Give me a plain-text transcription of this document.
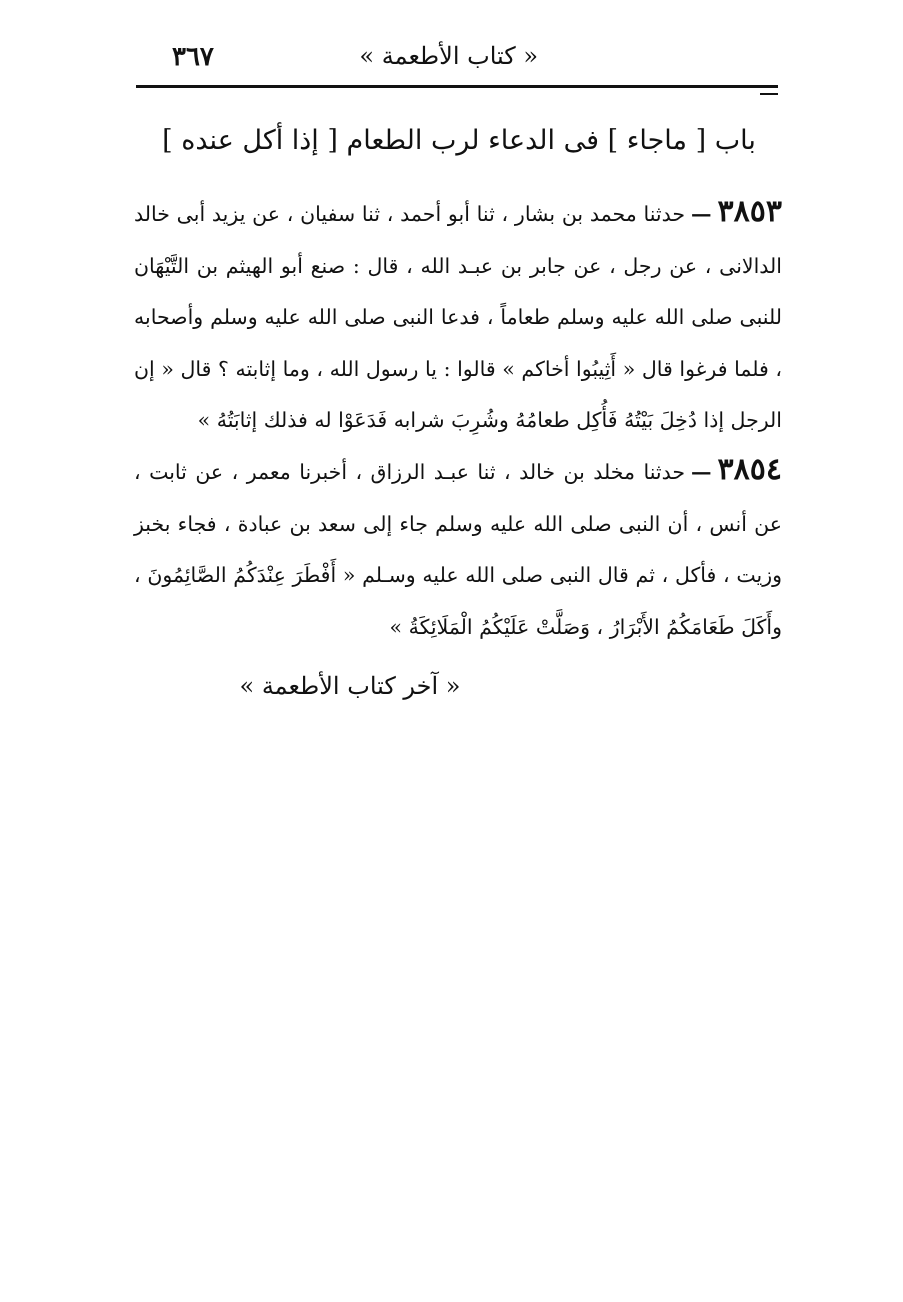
٣٦٧	« كتاب الأطعمة »
باب [ ماجاء ] فى الدعاء لرب الطعام [ إذا أكل عنده ]
٣٨٥٣—حدثنا محمد بن بشار ، ثنا أبو أحمد ، ثنا سفيان ، عن يزيد أبى خالد الدالانى ، عن رجل ، عن جابر بن عبـد الله ، قال : صنع أبو الهيثم بن التَّيْهَان للنبى صلى الله عليه وسلم طعاماً ، فدعا النبى صلى الله عليه وسلم وأصحابه ، فلما فرغوا قال « أَثِيبُوا أخاكم » قالوا : يا رسول الله ، وما إثابته ؟ قال « إن الرجل إذا دُخِلَ بَيْتُهُ فَأُكِل طعامُهُ وشُرِبَ شرابه فَدَعَوْا له فذلك إثابَتُهُ »
٣٨٥٤—حدثنا مخلد بن خالد ، ثنا عبـد الرزاق ، أخبرنا معمر ، عن ثابت ، عن أنس ، أن النبى صلى الله عليه وسلم جاء إلى سعد بن عبادة ، فجاء بخبز وزيت ، فأكل ، ثم قال النبى صلى الله عليه وسـلم « أَفْطَرَ عِنْدَكُمُ الصَّائِمُونَ ، وأَكَلَ طَعَامَكُمُ الأَبْرَارُ ، وَصَلَّتْ عَلَيْكُمُ الْمَلَائِكَةُ »
« آخر كتاب الأطعمة »
